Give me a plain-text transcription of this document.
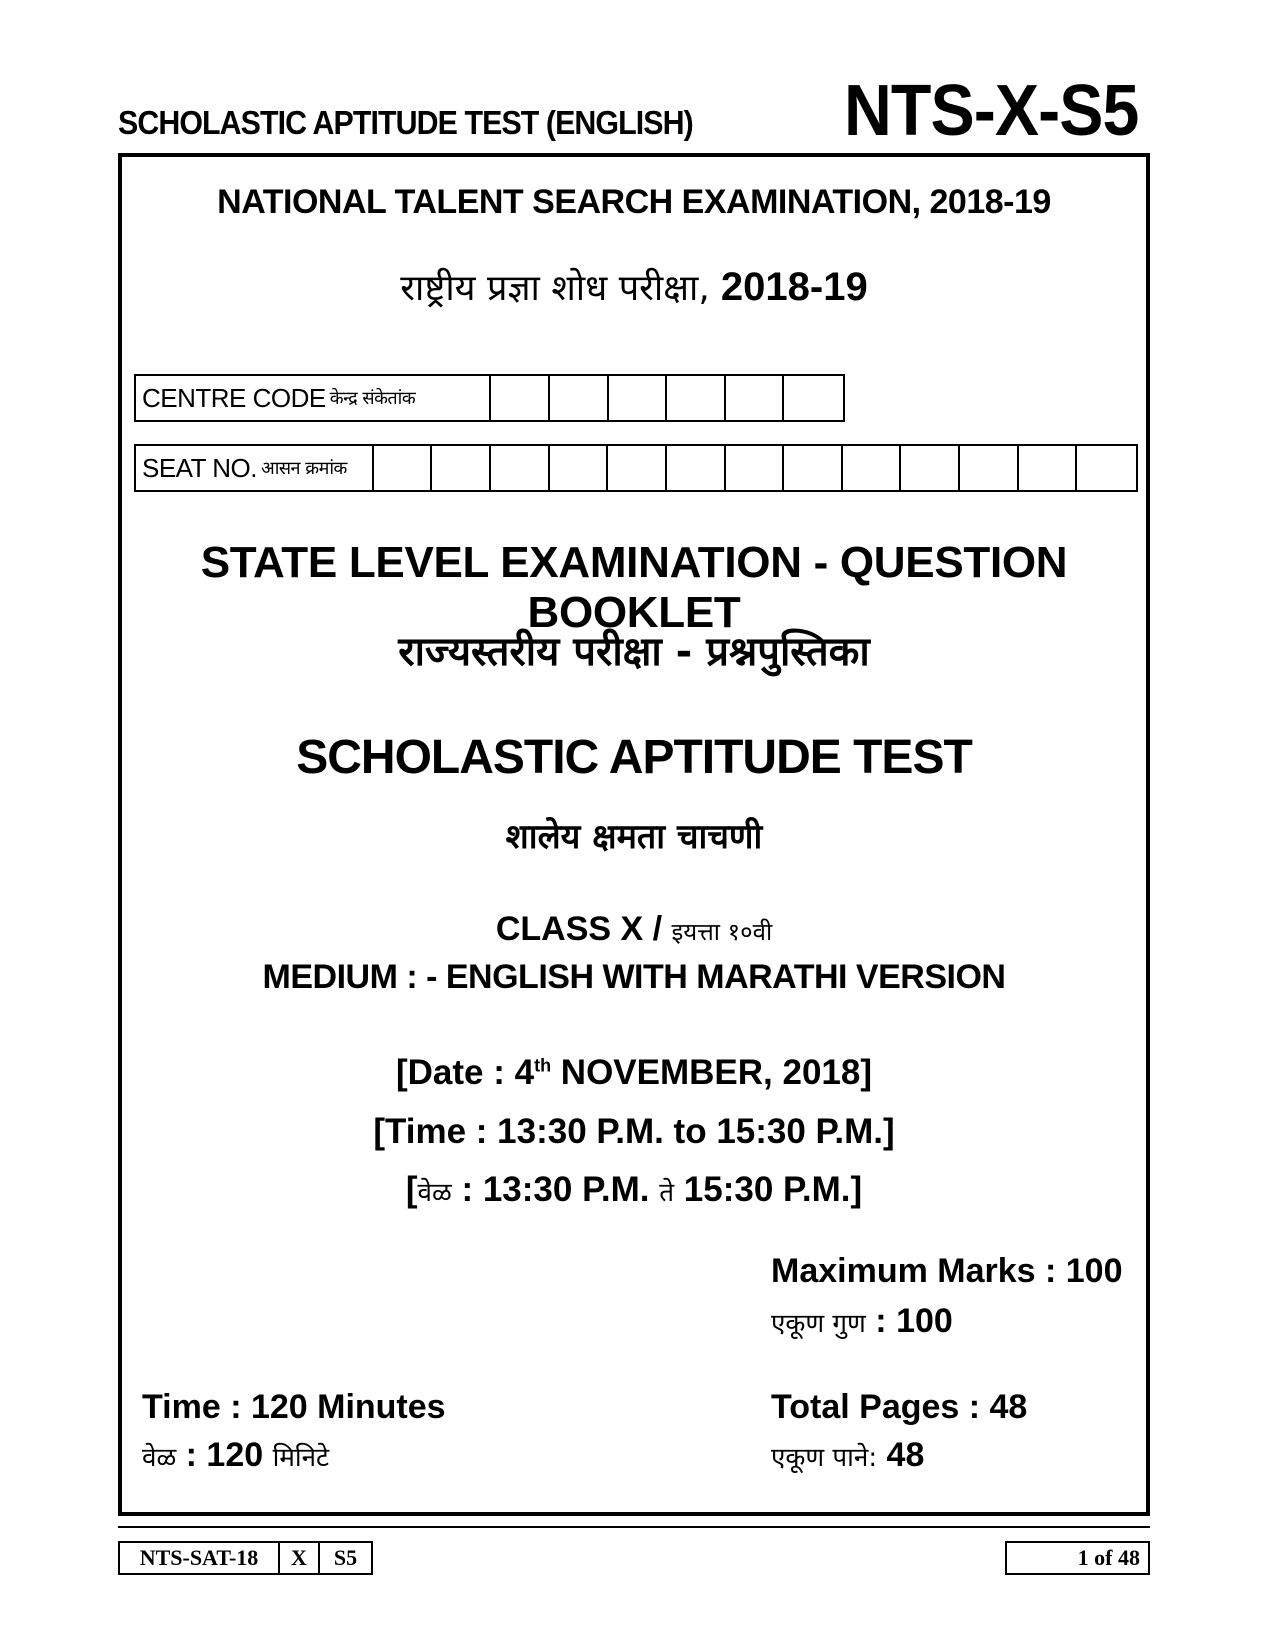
SCHOLASTIC APTITUDE TEST (ENGLISH) NTS-X-S5
NATIONAL TALENT SEARCH EXAMINATION, 2018-19
राष्ट्रीय प्रज्ञा शोध परीक्षा, 2018-19
CENTRE CODE केन्द्र संकेतांक
SEAT NO. आसन क्रमांक
STATE LEVEL EXAMINATION - QUESTION BOOKLET
राज्यस्तरीय परीक्षा - प्रश्नपुस्तिका
SCHOLASTIC APTITUDE TEST
शालेय क्षमता चाचणी
CLASS X / इयत्ता १०वी
MEDIUM : - ENGLISH WITH MARATHI VERSION
[Date : 4th NOVEMBER, 2018]
[Time : 13:30 P.M. to 15:30 P.M.]
[वेळ : 13:30 P.M. ते 15:30 P.M.]
Maximum Marks : 100
एकूण गुण : 100
Time : 120 Minutes
वेळ : 120 मिनिटे
Total Pages : 48
एकूण पाने: 48
NTS-SAT-18	X	S5	1 of 48
